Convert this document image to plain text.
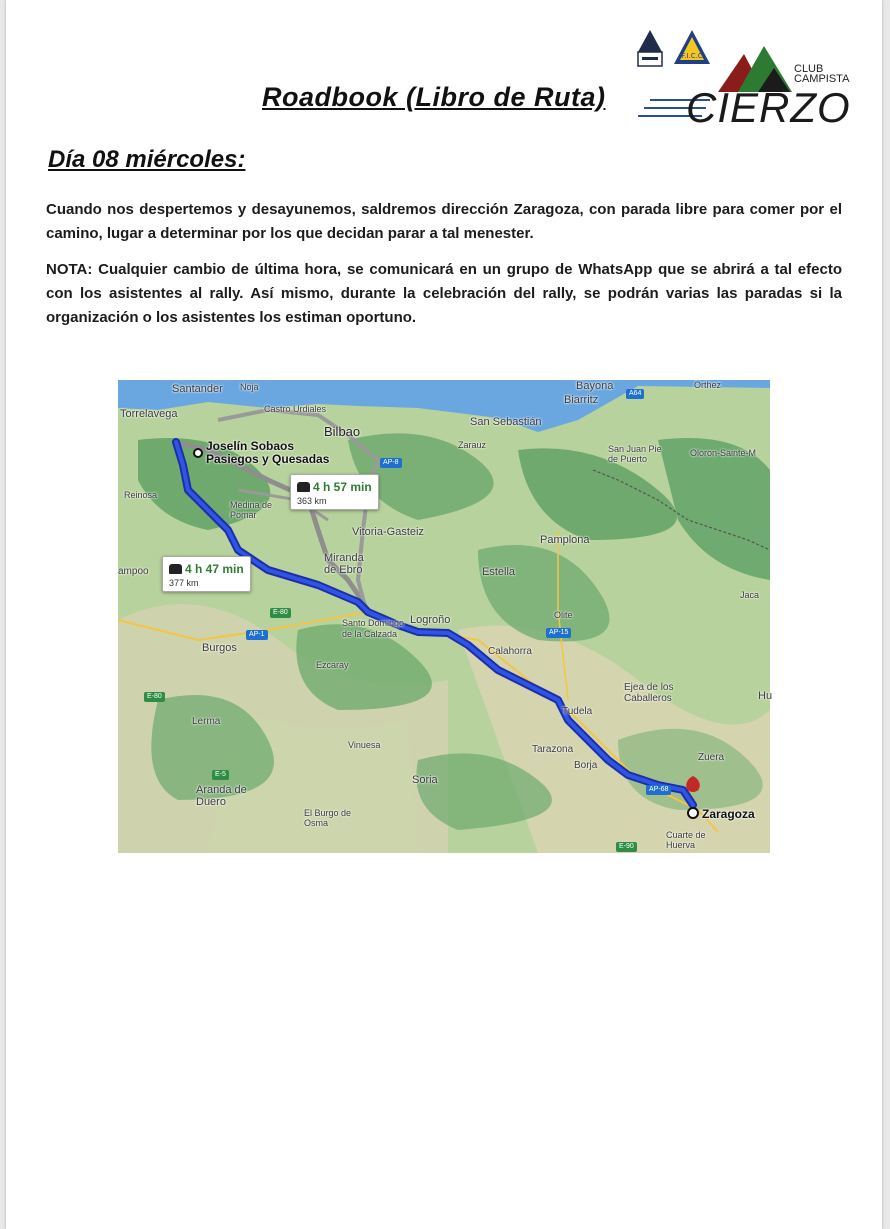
F.I.C.C
CLUB
CAMPISTA
CIERZO
Roadbook (Libro de Ruta)
Día 08 miércoles:
Cuando nos despertemos y desayunemos, saldremos dirección Zaragoza, con parada libre para comer por el camino, lugar a determinar por los que decidan parar a tal menester.
NOTA: Cualquier cambio de última hora, se comunicará en un grupo de WhatsApp que se abrirá a tal efecto con los asistentes al rally. Así mismo, durante la celebración del rally, se podrán varias las paradas si la organización o los asistentes los estiman oportuno.
AP-8
AP-1
E-80
AP-15
AP-68
E-5
E-90
A64
E-80
Santander Noja
Torrelavega	Castro Urdiales
Bilbao
San Sebastián
Biarritz
Bayona	Orthez
Zarauz	San Juan Pie de Puerto
Oloron-Sainte-M
Reinosa
Medina de Pomar
Vitoria-Gasteiz
Pamplona
Miranda de Ebro	Estella
Olite
Jaca
Santo Domingo de la Calzada
Logroño
Burgos
Ezcaray
Calahorra
Ejea de los Caballeros
Tudela
Lerma
Vinuesa	Tarazona
Borja
Zuera
Hu
Aranda de Duero
Soria
El Burgo de Osma
Cuarte de Huerva
ampoo
Joselín Sobaos
Pasiegos y Quesadas
Zaragoza
4 h 57 min
363 km
4 h 47 min
377 km
